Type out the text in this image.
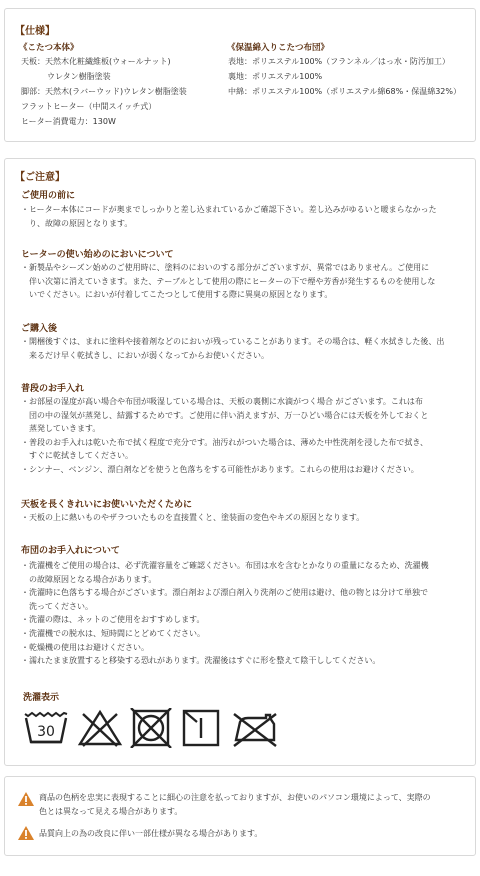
【仕様】
《こたつ本体》
天板：天然木化粧繊維板(ウォールナット)
ウレタン樹脂塗装
脚部：天然木(ラバーウッド)ウレタン樹脂塗装
フラットヒーター（中間スイッチ式）
ヒーター消費電力：130W
《保温綿入りこたつ布団》
表地：ポリエステル100%（フランネル／はっ水・防汚加工）
裏地：ポリエステル100%
中綿：ポリエステル100%（ポリエステル綿68%・保温綿32%）
【ご注意】
ご使用の前に
・ヒーター本体にコードが奥までしっかりと差し込まれているかご確認下さい。差し込みがゆるいと暖まらなかった
　り、故障の原因となります。
ヒーターの使い始めのにおいについて
・新製品やシーズン始めのご使用時に、塗料のにおいのする部分がございますが、異常ではありません。ご使用に
　伴い次第に消えていきます。また、テーブルとして使用の際にヒーターの下で煙や芳香が発生するものを使用しな
　いでください。においが付着してこたつとして使用する際に異臭の原因となります。
ご購入後
・開梱後すぐは、まれに塗料や接着剤などのにおいが残っていることがあります。その場合は、軽く水拭きした後、出
　来るだけ早く乾拭きし、においが弱くなってからお使いください。
普段のお手入れ
・お部屋の湿度が高い場合や布団が吸湿している場合は、天板の裏側に水滴がつく場合 がございます。これは布
　団の中の湿気が蒸発し、結露するためです。ご使用に伴い消えますが、万一ひどい場合には天板を外しておくと
　蒸発していきます。
・普段のお手入れは乾いた布で拭く程度で充分です。油汚れがついた場合は、薄めた中性洗剤を浸した布で拭き、
　すぐに乾拭きしてください。
・シンナー、ベンジン、漂白剤などを使うと色落ちをする可能性があります。これらの使用はお避けください。
天板を長くきれいにお使いいただくために
・天板の上に熱いものやザラついたものを直接置くと、塗装面の変色やキズの原因となります。
布団のお手入れについて
・洗濯機をご使用の場合は、必ず洗濯容量をご確認ください。布団は水を含むとかなりの重量になるため、洗濯機
　の故障原因となる場合があります。
・洗濯時に色落ちする場合がございます。漂白剤および漂白剤入り洗剤のご使用は避け、他の物とは分けて単独で
　洗ってください。
・洗濯の際は、ネットのご使用をおすすめします。
・洗濯機での脱水は、短時間にとどめてください。
・乾燥機の使用はお避けください。
・濡れたまま放置すると移染する恐れがあります。洗濯後はすぐに形を整えて陰干ししてください。
洗濯表示
30
商品の色柄を忠実に表現することに細心の注意を払っておりますが、お使いのパソコン環境によって、実際の
色とは異なって見える場合があります。
品質向上の為の改良に伴い一部仕様が異なる場合があります。
